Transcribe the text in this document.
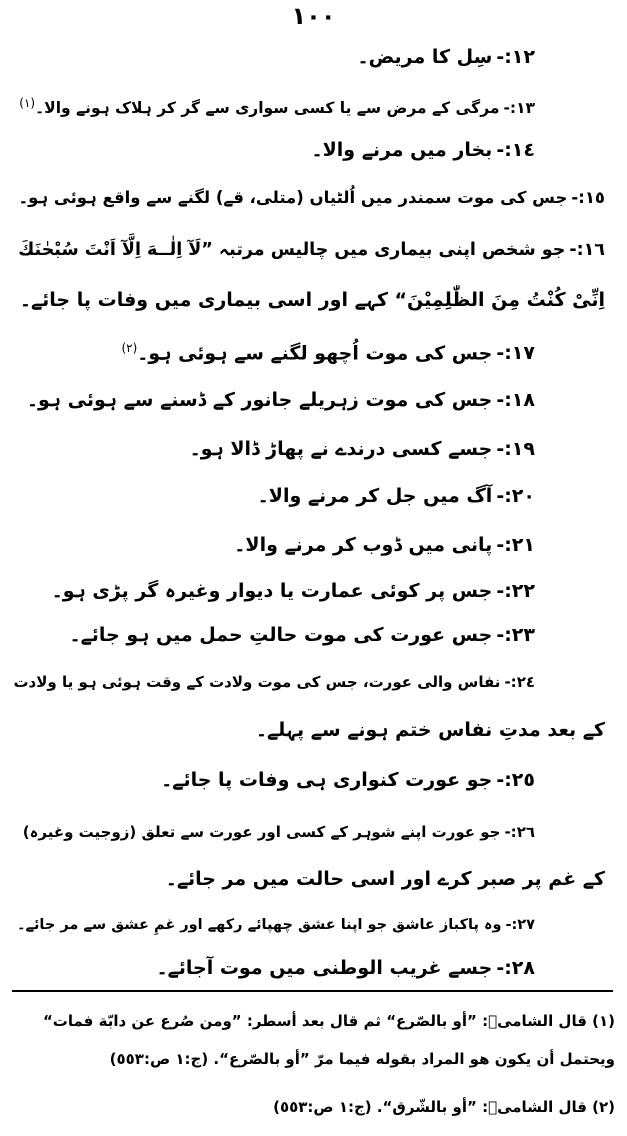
١٠٠
١٢:-سِل کا مریض۔
١٣:-مرگی کے مرض سے یا کسی سواری سے گر کر ہلاک ہونے والا۔$^{(١)}$
١٤:-بخار میں مرنے والا۔
١٥:-جس کی موت سمندر میں اُلٹیاں (متلی، قے) لگنے سے واقع ہوئی ہو۔
١٦:-جو شخص اپنی بیماری میں چالیس مرتبہ ”لَآ اِلٰــهَ اِلَّآ اَنْتَ سُبْحٰنَكَ
اِنِّیْ کُنْتُ مِنَ الظّٰلِمِیْنَ“ کہے اور اسی بیماری میں وفات پا جائے۔
١٧:-جس کی موت اُچھو لگنے سے ہوئی ہو۔$^{(٢)}$
١٨:-جس کی موت زہریلے جانور کے ڈسنے سے ہوئی ہو۔
١٩:-جسے کسی درندے نے پھاڑ ڈالا ہو۔
٢٠:-آگ میں جل کر مرنے والا۔
٢١:-پانی میں ڈوب کر مرنے والا۔
٢٢:-جس پر کوئی عمارت یا دیوار وغیرہ گر پڑی ہو۔
٢٣:-جس عورت کی موت حالتِ حمل میں ہو جائے۔
٢٤:-نفاس والی عورت، جس کی موت ولادت کے وقت ہوئی ہو یا ولادت
کے بعد مدتِ نفاس ختم ہونے سے پہلے۔
٢٥:-جو عورت کنواری ہی وفات پا جائے۔
٢٦:-جو عورت اپنے شوہر کے کسی اور عورت سے تعلق (زوجیت وغیرہ)
کے غم پر صبر کرے اور اسی حالت میں مر جائے۔
٢٧:-وہ پاکباز عاشق جو اپنا عشق چھپائے رکھے اور غمِ عشق سے مر جائے۔
٢٨:-جسے غریب الوطنی میں موت آجائے۔
(١) قال الشامیؒ: ”أو بالصّرع“ ثم قال بعد أسطر: ”ومن صُرع عن دابّة فمات“
ویحتمل أن یکون هو المراد بقوله فیما مرّ ”أو بالصّرع“. (ج:١ ص:٥٥٣)
(٢) قال الشامیؒ: ”أو بالشّرق“. (ج:١ ص:٥٥٣)
